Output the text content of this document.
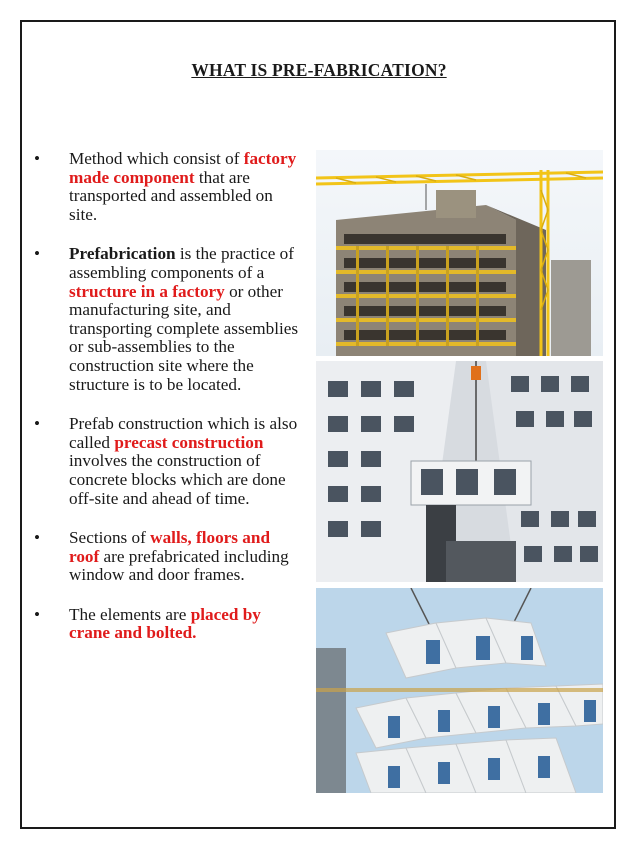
WHAT IS PRE-FABRICATION?
• Method which consist of factory made component that are transported and assembled on site.
• Prefabrication is the practice of assembling components of a structure in a factory or other manufacturing site, and transporting complete assemblies or sub-assemblies to the construction site where the structure is to be located.
• Prefab construction which is also called precast construction involves the construction of concrete blocks which are done off-site and ahead of time.
• Sections of walls, floors and roof are prefabricated including window and door frames.
• The elements are placed by crane and bolted.
